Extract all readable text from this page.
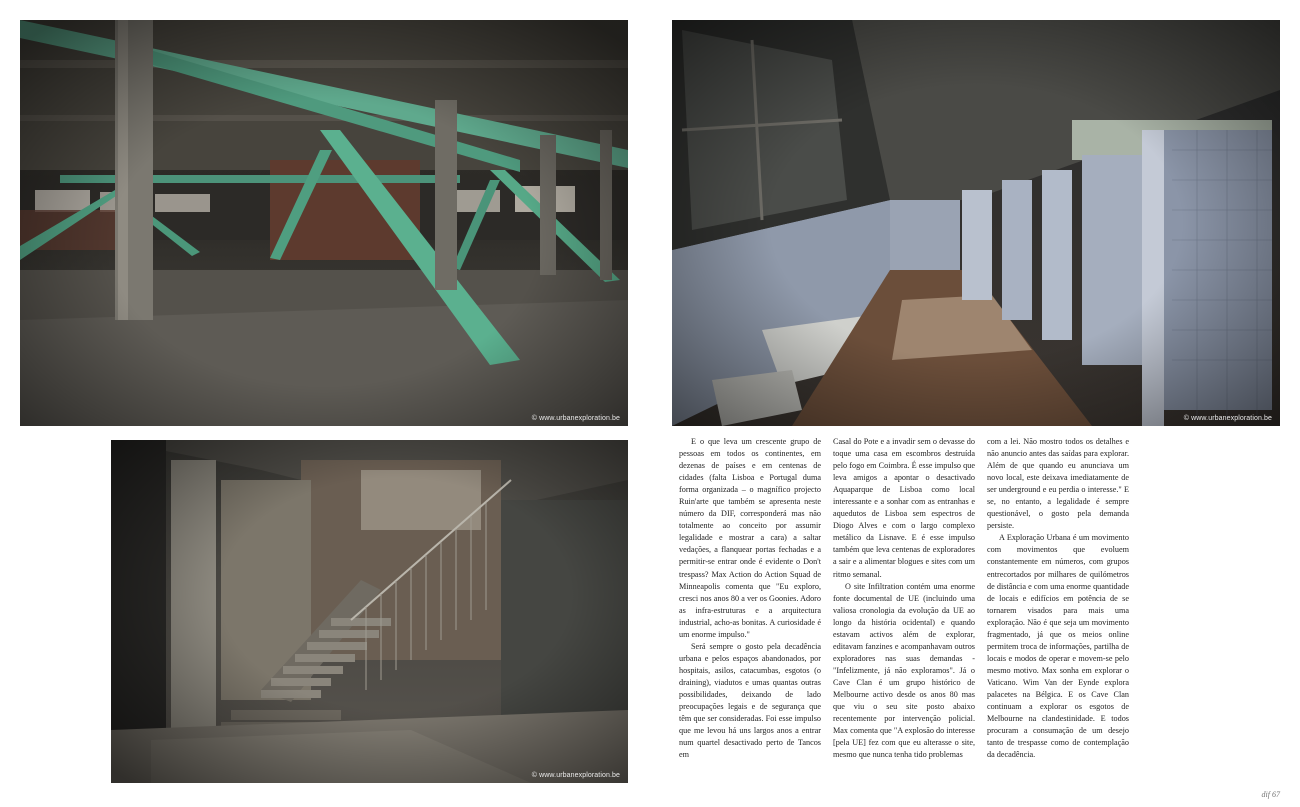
© www.urbanexploration.be	© www.urbanexploration.be
© www.urbanexploration.be

E o que leva um crescente grupo de pessoas em todos os continentes, em dezenas de países e em centenas de cidades (falta Lisboa e Portugal duma forma organizada – o magnífico projecto Ruin'arte que também se apresenta neste número da DIF, corresponderá mas não totalmente ao conceito por assumir legalidade e mostrar a cara) a saltar vedações, a flanquear portas fechadas e a permitir-se entrar onde é evidente o Don't trespass? Max Action do Action Squad de Minneapolis comenta que "Eu exploro, cresci nos anos 80 a ver os Goonies. Adoro as infra-estruturas e a arquitectura industrial, acho-as bonitas. A curiosidade é um enorme impulso."

Será sempre o gosto pela decadência urbana e pelos espaços abandonados, por hospitais, asilos, catacumbas, esgotos (o draining), viadutos e umas quantas outras possibilidades, deixando de lado preocupações legais e de segurança que têm que ser consideradas. Foi esse impulso que me levou há uns largos anos a entrar num quartel desactivado perto de Tancos em

Casal do Pote e a invadir sem o devasse do toque uma casa em escombros destruída pelo fogo em Coimbra. É esse impulso que leva amigos a apontar o desactivado Aquaparque de Lisboa como local interessante e a sonhar com as entranhas e aquedutos de Lisboa sem espectros de Diogo Alves e com o largo complexo metálico da Lisnave. E é esse impulso também que leva centenas de exploradores a sair e a alimentar blogues e sites com um ritmo semanal.

O site Infiltration contém uma enorme fonte documental de UE (incluindo uma valiosa cronologia da evolução da UE ao longo da história ocidental) e quando estavam activos além de explorar, editavam fanzines e acompanhavam outros exploradores nas suas demandas - "Infelizmente, já não exploramos". Já o Cave Clan é um grupo histórico de Melbourne activo desde os anos 80 mas que viu o seu site posto abaixo recentemente por intervenção policial. Max comenta que "A explosão do interesse [pela UE] fez com que eu alterasse o site, mesmo que nunca tenha tido problemas

com a lei. Não mostro todos os detalhes e não anuncio antes das saídas para explorar. Além de que quando eu anunciava um novo local, este deixava imediatamente de ser underground e eu perdia o interesse." E se, no entanto, a legalidade é sempre questionável, o gosto pela demanda persiste.

A Exploração Urbana é um movimento com movimentos que evoluem constantemente em números, com grupos entrecortados por milhares de quilómetros de distância e com uma enorme quantidade de locais e edifícios em potência de se tornarem visados para mais uma exploração. Não é que seja um movimento fragmentado, já que os meios online permitem troca de informações, partilha de locais e modos de operar e movem-se pelo mesmo motivo. Max sonha em explorar o Vaticano. Wim Van der Eynde explora palacetes na Bélgica. E os Cave Clan continuam a explorar os esgotos de Melbourne na clandestinidade. E todos procuram a consumação de um desejo tanto de trespasse como de contemplação da decadência.

dif 67
